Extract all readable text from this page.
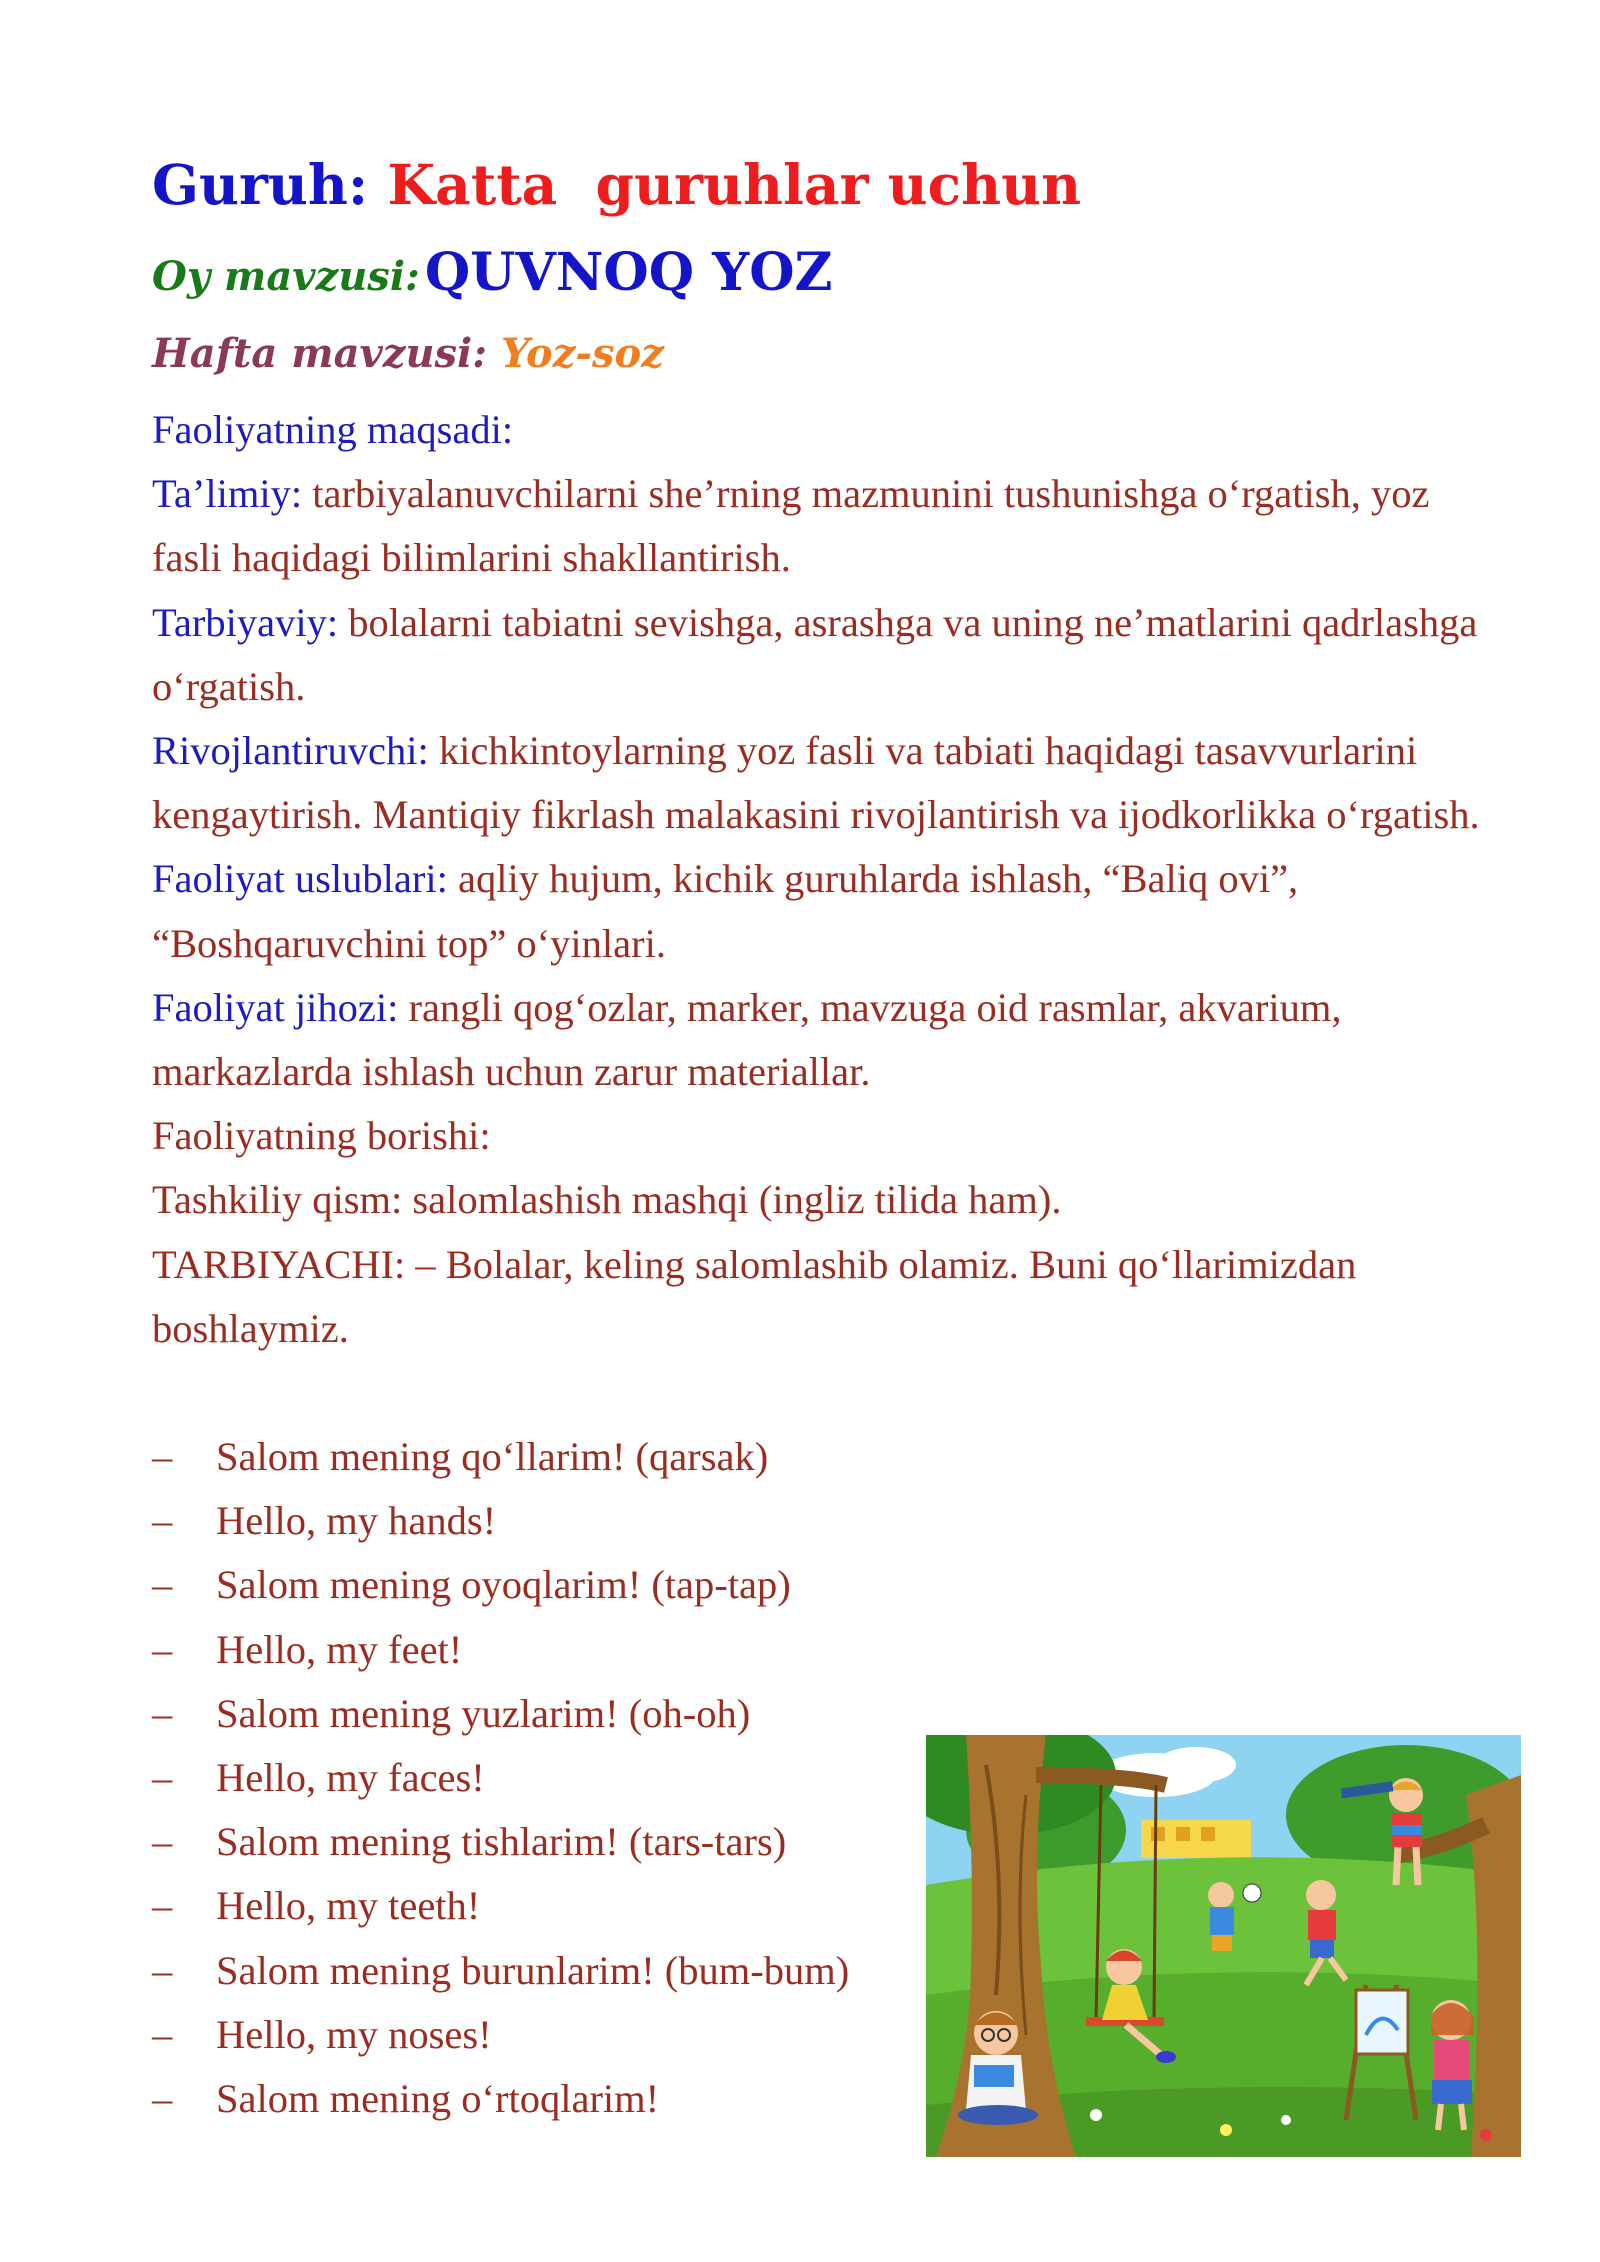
Guruh: Katta  guruhlar uchun
Oy mavzusi: QUVNOQ YOZ
Hafta mavzusi: Yoz-soz

Faoliyatning maqsadi:

Ta’limiy: tarbiyalanuvchilarni she’rning mazmunini tushunishga o‘rgatish, yoz fasli haqidagi bilimlarini shakllantirish.

Tarbiyaviy: bolalarni tabiatni sevishga, asrashga va uning ne’matlarini qadrlashga o‘rgatish.

Rivojlantiruvchi: kichkintoylarning yoz fasli va tabiati haqidagi tasavvurlarini kengaytirish. Mantiqiy fikrlash malakasini rivojlantirish va ijodkorlikka o‘rgatish.

Faoliyat uslublari: aqliy hujum, kichik guruhlarda ishlash, “Baliq ovi”, “Boshqaruvchini top” o‘yinlari.

Faoliyat jihozi: rangli qog‘ozlar, marker, mavzuga oid rasmlar, akvarium, markazlarda ishlash uchun zarur materiallar.

Faoliyatning borishi:

Tashkiliy qism: salomlashish mashqi (ingliz tilida ham).

TARBIYACHI: – Bolalar, keling salomlashib olamiz. Buni qo‘llarimizdan boshlaymiz.

–	Salom mening qo‘llarim! (qarsak)
–	Hello, my hands!
–	Salom mening oyoqlarim! (tap-tap)
–	Hello, my feet!
–	Salom mening yuzlarim! (oh-oh)
–	Hello, my faces!
–	Salom mening tishlarim! (tars-tars)
–	Hello, my teeth!
–	Salom mening burunlarim! (bum-bum)
–	Hello, my noses!
–	Salom mening o‘rtoqlarim!
